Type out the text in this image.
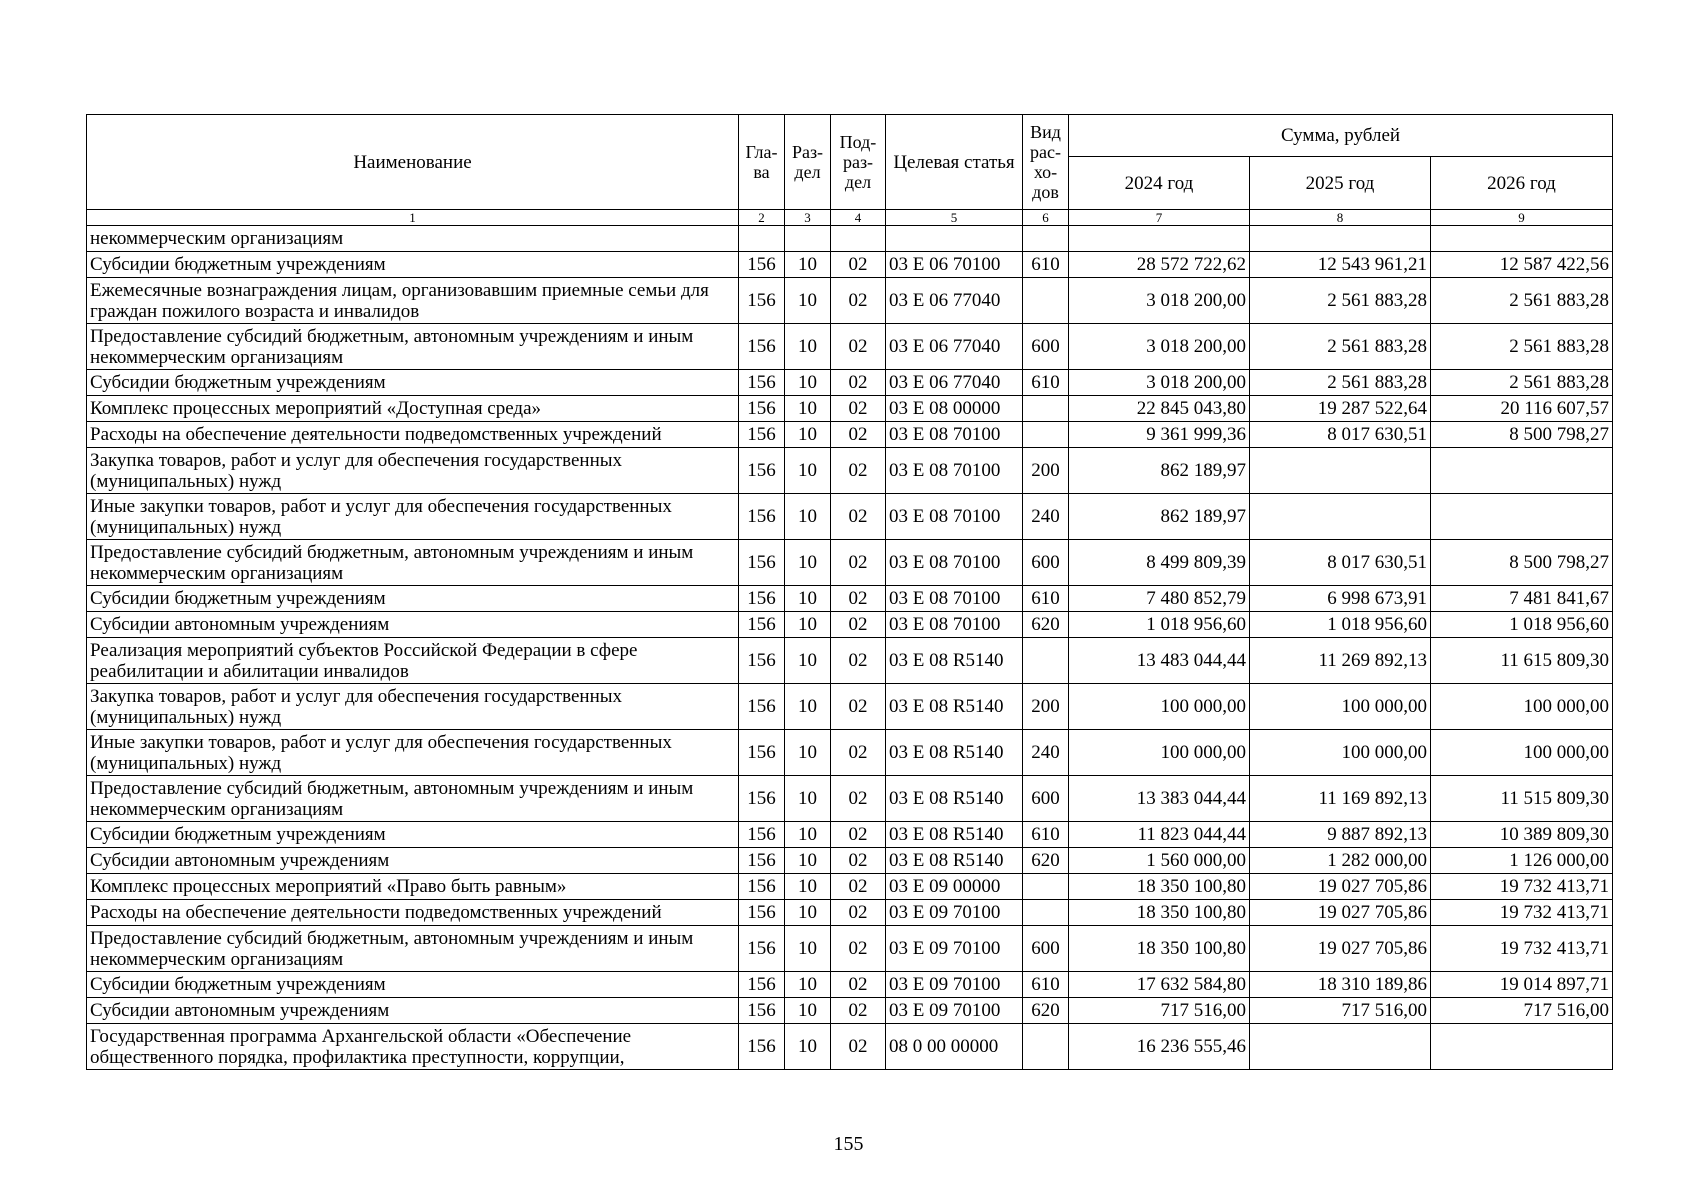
Наименование	Гла- ва	Раз- дел	Под- раз- дел	Целевая статья	Вид рас- хо- дов	Сумма, рублей		
						2024 год	2025 год	2026 год
1	2	3	4	5	6	7	8	9
некоммерческим организациям								
Субсидии бюджетным учреждениям	156	10	02	03 Е 06 70100	610	28 572 722,62	12 543 961,21	12 587 422,56
Ежемесячные вознаграждения лицам, организовавшим приемные семьи для граждан пожилого возраста и инвалидов	156	10	02	03 Е 06 77040		3 018 200,00	2 561 883,28	2 561 883,28
Предоставление субсидий бюджетным, автономным учреждениям и иным некоммерческим организациям	156	10	02	03 Е 06 77040	600	3 018 200,00	2 561 883,28	2 561 883,28
Субсидии бюджетным учреждениям	156	10	02	03 Е 06 77040	610	3 018 200,00	2 561 883,28	2 561 883,28
Комплекс процессных мероприятий «Доступная среда»	156	10	02	03 Е 08 00000		22 845 043,80	19 287 522,64	20 116 607,57
Расходы на обеспечение деятельности подведомственных учреждений	156	10	02	03 Е 08 70100		9 361 999,36	8 017 630,51	8 500 798,27
Закупка товаров, работ и услуг для обеспечения государственных (муниципальных) нужд	156	10	02	03 Е 08 70100	200	862 189,97		
Иные закупки товаров, работ и услуг для обеспечения государственных (муниципальных) нужд	156	10	02	03 Е 08 70100	240	862 189,97		
Предоставление субсидий бюджетным, автономным учреждениям и иным некоммерческим организациям	156	10	02	03 Е 08 70100	600	8 499 809,39	8 017 630,51	8 500 798,27
Субсидии бюджетным учреждениям	156	10	02	03 Е 08 70100	610	7 480 852,79	6 998 673,91	7 481 841,67
Субсидии автономным учреждениям	156	10	02	03 Е 08 70100	620	1 018 956,60	1 018 956,60	1 018 956,60
Реализация мероприятий субъектов Российской Федерации в сфере реабилитации и абилитации инвалидов	156	10	02	03 Е 08 R5140		13 483 044,44	11 269 892,13	11 615 809,30
Закупка товаров, работ и услуг для обеспечения государственных (муниципальных) нужд	156	10	02	03 Е 08 R5140	200	100 000,00	100 000,00	100 000,00
Иные закупки товаров, работ и услуг для обеспечения государственных (муниципальных) нужд	156	10	02	03 Е 08 R5140	240	100 000,00	100 000,00	100 000,00
Предоставление субсидий бюджетным, автономным учреждениям и иным некоммерческим организациям	156	10	02	03 Е 08 R5140	600	13 383 044,44	11 169 892,13	11 515 809,30
Субсидии бюджетным учреждениям	156	10	02	03 Е 08 R5140	610	11 823 044,44	9 887 892,13	10 389 809,30
Субсидии автономным учреждениям	156	10	02	03 Е 08 R5140	620	1 560 000,00	1 282 000,00	1 126 000,00
Комплекс процессных мероприятий «Право быть равным»	156	10	02	03 Е 09 00000		18 350 100,80	19 027 705,86	19 732 413,71
Расходы на обеспечение деятельности подведомственных учреждений	156	10	02	03 Е 09 70100		18 350 100,80	19 027 705,86	19 732 413,71
Предоставление субсидий бюджетным, автономным учреждениям и иным некоммерческим организациям	156	10	02	03 Е 09 70100	600	18 350 100,80	19 027 705,86	19 732 413,71
Субсидии бюджетным учреждениям	156	10	02	03 Е 09 70100	610	17 632 584,80	18 310 189,86	19 014 897,71
Субсидии автономным учреждениям	156	10	02	03 Е 09 70100	620	717 516,00	717 516,00	717 516,00
Государственная программа Архангельской области «Обеспечение общественного порядка, профилактика преступности, коррупции,	156	10	02	08 0 00 00000		16 236 555,46		
155
